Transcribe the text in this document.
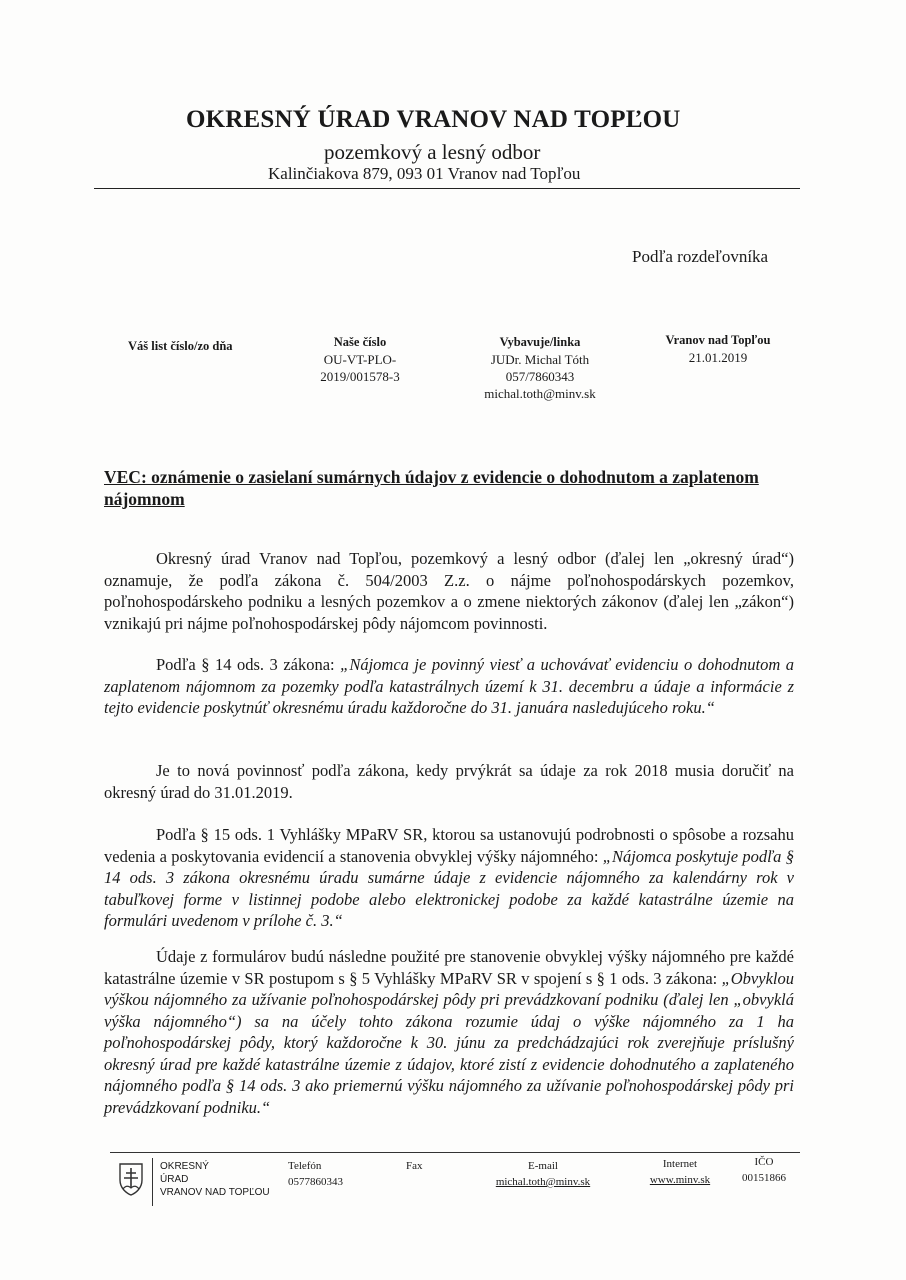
OKRESNÝ ÚRAD VRANOV NAD TOPĽOU
pozemkový a lesný odbor
Kalinčiakova 879, 093 01 Vranov nad Topľou
Podľa rozdeľovníka
Váš list číslo/zo dňa	Naše číslo
OU-VT-PLO-
2019/001578-3
Vybavuje/linka
JUDr. Michal Tóth
057/7860343
michal.toth@minv.sk
Vranov nad Topľou
21.01.2019
VEC: oznámenie o zasielaní sumárnych údajov z evidencie o dohodnutom a zaplatenom nájomnom
Okresný úrad Vranov nad Topľou, pozemkový a lesný odbor (ďalej len „okresný úrad“) oznamuje, že podľa zákona č. 504/2003 Z.z. o nájme poľnohospodárskych pozemkov, poľnohospodárskeho podniku a lesných pozemkov a o zmene niektorých zákonov (ďalej len „zákon“) vznikajú pri nájme poľnohospodárskej pôdy nájomcom povinnosti.
Podľa § 14 ods. 3 zákona: „Nájomca je povinný viesť a uchovávať evidenciu o dohodnutom a zaplatenom nájomnom za pozemky podľa katastrálnych území k 31. decembru a údaje a informácie z tejto evidencie poskytnúť okresnému úradu každoročne do 31. januára nasledujúceho roku.“
Je to nová povinnosť podľa zákona, kedy prvýkrát sa údaje za rok 2018 musia doručiť na okresný úrad do 31.01.2019.
Podľa § 15 ods. 1 Vyhlášky MPaRV SR, ktorou sa ustanovujú podrobnosti o spôsobe a rozsahu vedenia a poskytovania evidencií a stanovenia obvyklej výšky nájomného: „Nájomca poskytuje podľa § 14 ods. 3 zákona okresnému úradu sumárne údaje z evidencie nájomného za kalendárny rok v tabuľkovej forme v listinnej podobe alebo elektronickej podobe za každé katastrálne územie na formulári uvedenom v prílohe č. 3.“
Údaje z formulárov budú následne použité pre stanovenie obvyklej výšky nájomného pre každé katastrálne územie v SR postupom s § 5 Vyhlášky MPaRV SR v spojení s § 1 ods. 3 zákona: „Obvyklou výškou nájomného za užívanie poľnohospodárskej pôdy pri prevádzkovaní podniku (ďalej len „obvyklá výška nájomného“) sa na účely tohto zákona rozumie údaj o výške nájomného za 1 ha poľnohospodárskej pôdy, ktorý každoročne k 30. júnu za predchádzajúci rok zverejňuje príslušný okresný úrad pre každé katastrálne územie z údajov, ktoré zistí z evidencie dohodnutého a zaplateného nájomného podľa § 14 ods. 3 ako priemernú výšku nájomného za užívanie poľnohospodárskej pôdy pri prevádzkovaní podniku.“
OKRESNÝ
ÚRAD
VRANOV NAD TOPĽOU
Telefón
0577860343
Fax	E-mail
michal.toth@minv.sk
Internet
www.minv.sk
IČO
00151866
